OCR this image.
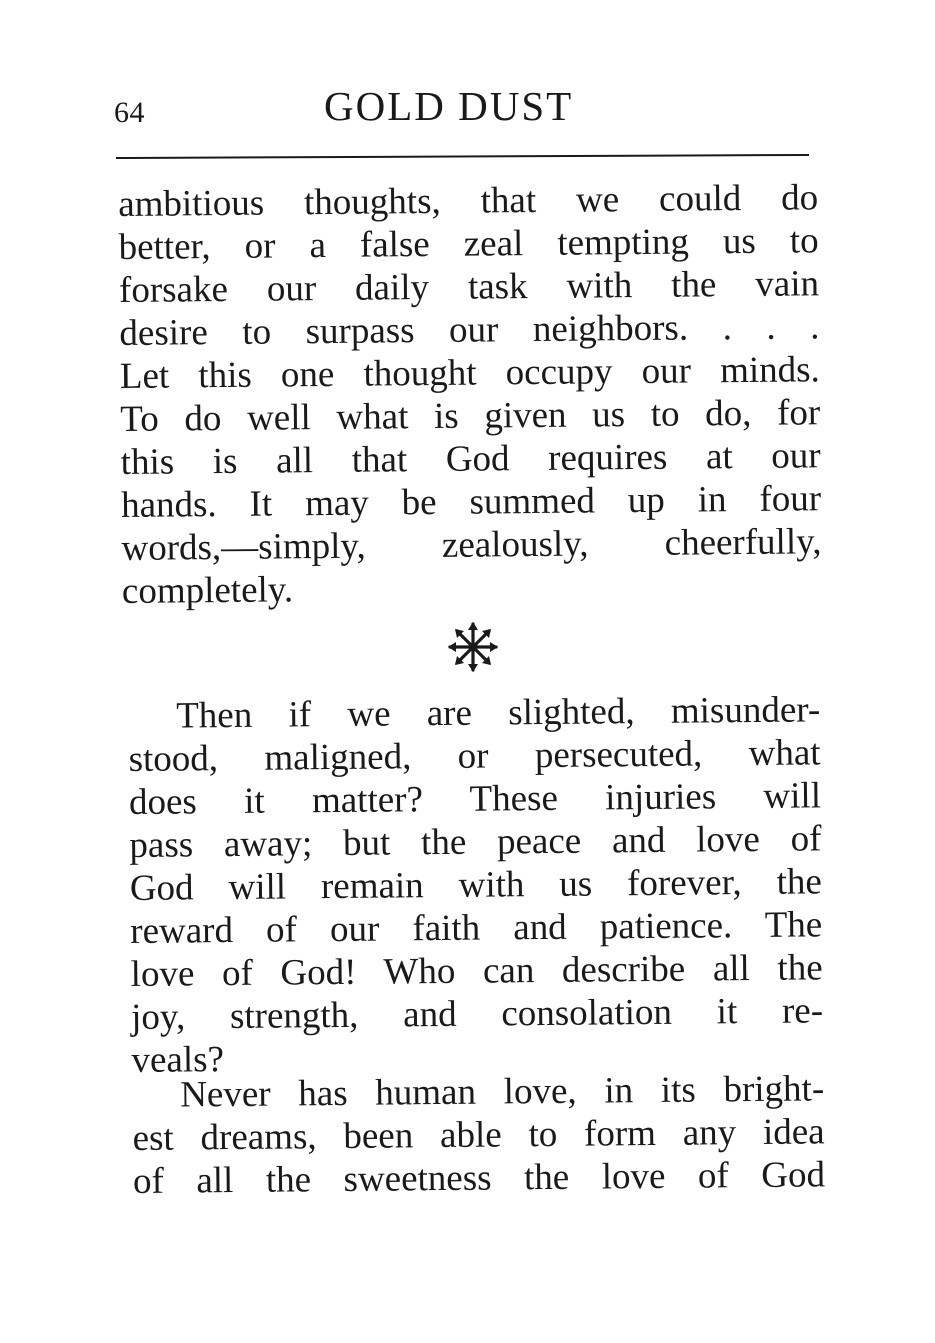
64	GOLD DUST
ambitious thoughts, that we could do
better, or a false zeal tempting us to
forsake our daily task with the vain
desire to surpass our neighbors. . . .
Let this one thought occupy our minds.
To do well what is given us to do, for
this is all that God requires at our
hands. It may be summed up in four
words,—simply, zealously, cheerfully,
completely.
Then if we are slighted, misunder-
stood, maligned, or persecuted, what
does it matter? These injuries will
pass away; but the peace and love of
God will remain with us forever, the
reward of our faith and patience. The
love of God! Who can describe all the
joy, strength, and consolation it re-
veals?
Never has human love, in its bright-
est dreams, been able to form any idea
of all the sweetness the love of God
